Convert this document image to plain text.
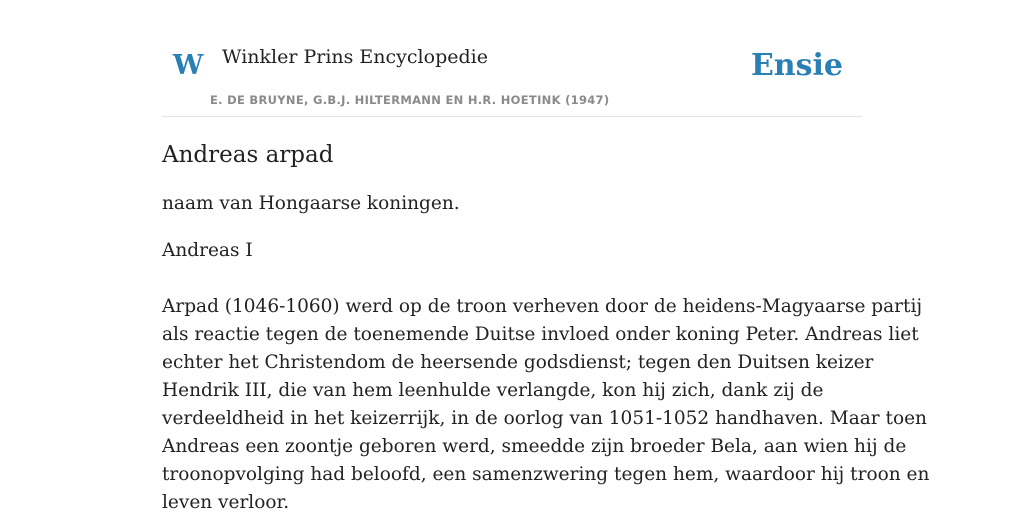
W Winkler Prins Encyclopedie
E. DE BRUYNE, G.B.J. HILTERMANN EN H.R. HOETINK (1947)
Ensie
Andreas arpad

naam van Hongaarse koningen.

Andreas I

Arpad (1046-1060) werd op de troon verheven door de heidens-Magyaarse partij
als reactie tegen de toenemende Duitse invloed onder koning Peter. Andreas liet
echter het Christendom de heersende godsdienst; tegen den Duitsen keizer
Hendrik III, die van hem leenhulde verlangde, kon hij zich, dank zij de
verdeeldheid in het keizerrijk, in de oorlog van 1051-1052 handhaven. Maar toen
Andreas een zoontje geboren werd, smeedde zijn broeder Bela, aan wien hij de
troonopvolging had beloofd, een samenzwering tegen hem, waardoor hij troon en
leven verloor.
